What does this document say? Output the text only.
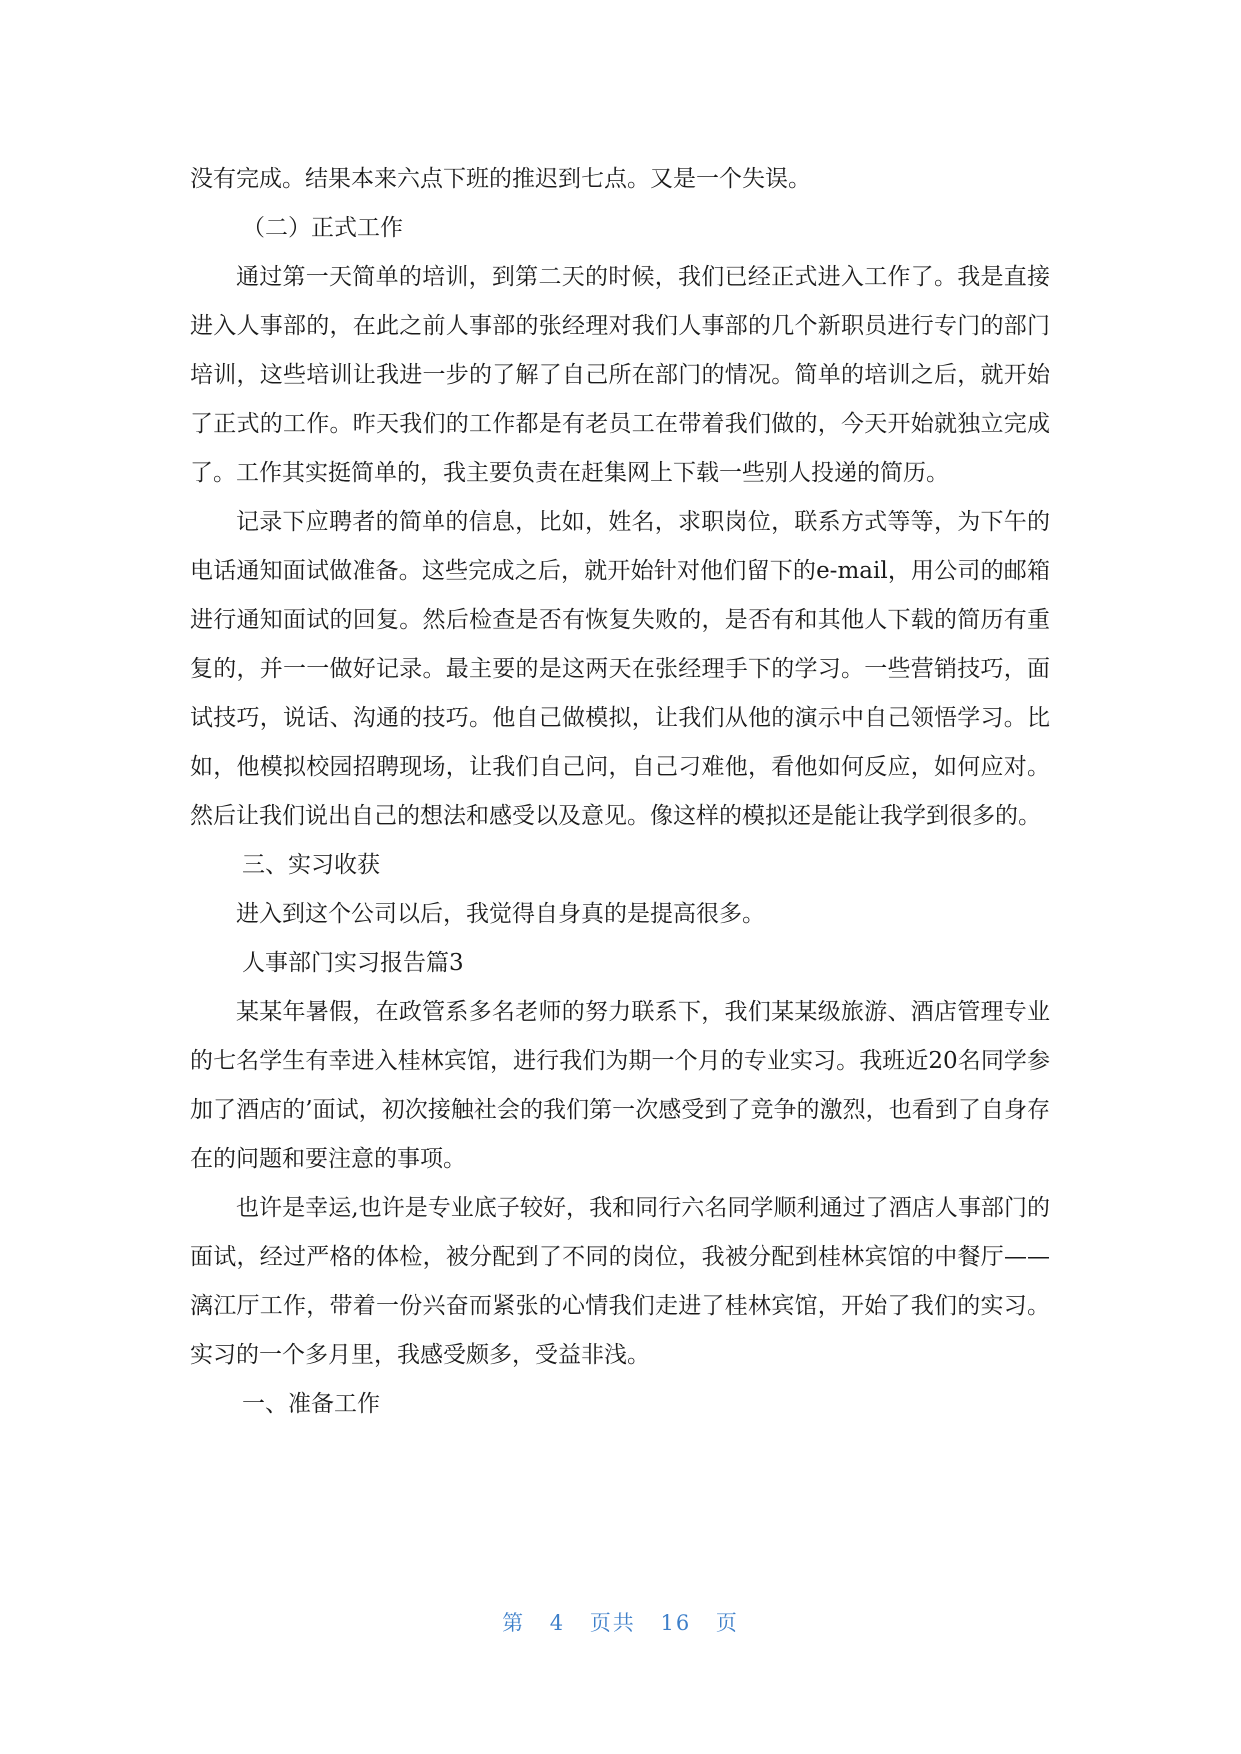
没有完成。结果本来六点下班的推迟到七点。又是一个失误。

（二）正式工作

通过第一天简单的培训，到第二天的时候，我们已经正式进入工作了。我是直接进入人事部的，在此之前人事部的张经理对我们人事部的几个新职员进行专门的部门培训，这些培训让我进一步的了解了自己所在部门的情况。简单的培训之后，就开始了正式的工作。昨天我们的工作都是有老员工在带着我们做的，今天开始就独立完成了。工作其实挺简单的，我主要负责在赶集网上下载一些别人投递的简历。

记录下应聘者的简单的信息，比如，姓名，求职岗位，联系方式等等，为下午的电话通知面试做准备。这些完成之后，就开始针对他们留下的e-mail，用公司的邮箱进行通知面试的回复。然后检查是否有恢复失败的，是否有和其他人下载的简历有重复的，并一一做好记录。最主要的是这两天在张经理手下的学习。一些营销技巧，面试技巧，说话、沟通的技巧。他自己做模拟，让我们从他的演示中自己领悟学习。比如，他模拟校园招聘现场，让我们自己问，自己刁难他，看他如何反应，如何应对。然后让我们说出自己的想法和感受以及意见。像这样的模拟还是能让我学到很多的。

三、实习收获

进入到这个公司以后，我觉得自身真的是提高很多。

人事部门实习报告篇3

某某年暑假，在政管系多名老师的努力联系下，我们某某级旅游、酒店管理专业的七名学生有幸进入桂林宾馆，进行我们为期一个月的专业实习。我班近20名同学参加了酒店的’面试，初次接触社会的我们第一次感受到了竞争的激烈，也看到了自身存在的问题和要注意的事项。

也许是幸运,也许是专业底子较好，我和同行六名同学顺利通过了酒店人事部门的面试，经过严格的体检，被分配到了不同的岗位，我被分配到桂林宾馆的中餐厅——漓江厅工作，带着一份兴奋而紧张的心情我们走进了桂林宾馆，开始了我们的实习。实习的一个多月里，我感受颇多，受益非浅。

一、准备工作

第 4 页共 16 页
